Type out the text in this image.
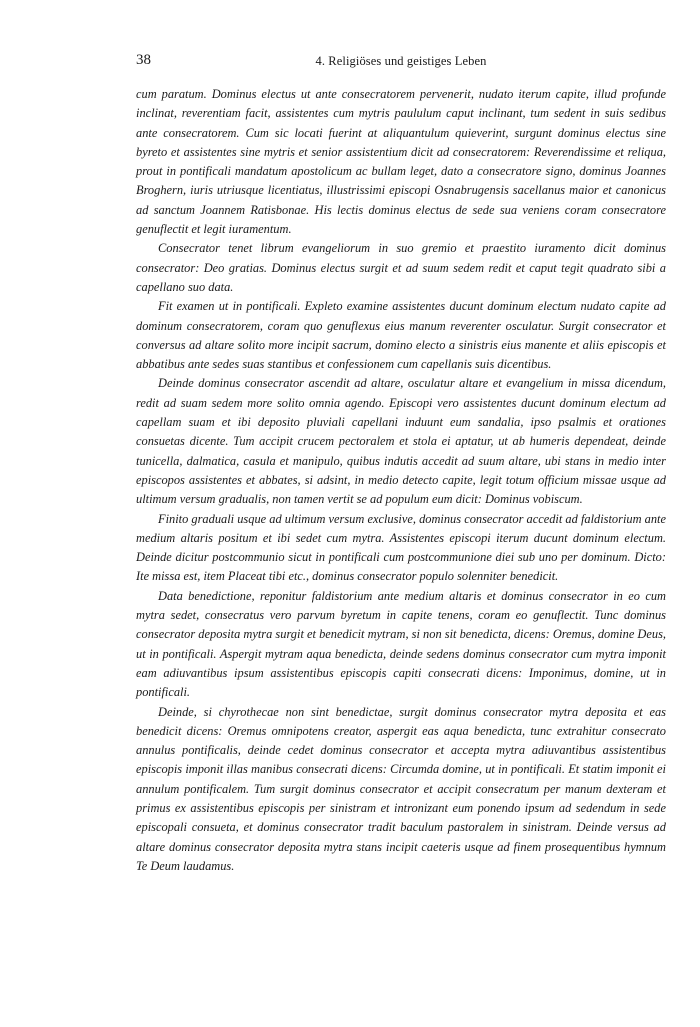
38	4. Religiöses und geistiges Leben

cum paratum. Dominus electus ut ante consecratorem pervenerit, nudato iterum capite, illud profunde inclinat, reverentiam facit, assistentes cum mytris paululum caput inclinant, tum sedent in suis sedibus ante consecratorem. Cum sic locati fuerint at aliquantulum quieverint, surgunt dominus electus sine byreto et assistentes sine mytris et senior assistentium dicit ad consecratorem: Reverendissime et reliqua, prout in pontificali mandatum apostolicum ac bullam leget, dato a consecratore signo, dominus Joannes Broghern, iuris utriusque licentiatus, illustrissimi episcopi Osnabrugensis sacellanus maior et canonicus ad sanctum Joannem Ratisbonae. His lectis dominus electus de sede sua veniens coram consecratore genuflectit et legit iuramentum.

Consecrator tenet librum evangeliorum in suo gremio et praestito iuramento dicit dominus consecrator: Deo gratias. Dominus electus surgit et ad suum sedem redit et caput tegit quadrato sibi a capellano suo data.

Fit examen ut in pontificali. Expleto examine assistentes ducunt dominum electum nudato capite ad dominum consecratorem, coram quo genuflexus eius manum reverenter osculatur. Surgit consecrator et conversus ad altare solito more incipit sacrum, domino electo a sinistris eius manente et aliis episcopis et abbatibus ante sedes suas stantibus et confessionem cum capellanis suis dicentibus.

Deinde dominus consecrator ascendit ad altare, osculatur altare et evangelium in missa dicendum, redit ad suam sedem more solito omnia agendo. Episcopi vero assistentes ducunt dominum electum ad capellam suam et ibi deposito pluviali capellani induunt eum sandalia, ipso psalmis et orationes consuetas dicente. Tum accipit crucem pectoralem et stola ei aptatur, ut ab humeris dependeat, deinde tunicella, dalmatica, casula et manipulo, quibus indutis accedit ad suum altare, ubi stans in medio inter episcopos assistentes et abbates, si adsint, in medio detecto capite, legit totum officium missae usque ad ultimum versum gradualis, non tamen vertit se ad populum eum dicit: Dominus vobiscum.

Finito graduali usque ad ultimum versum exclusive, dominus consecrator accedit ad faldistorium ante medium altaris positum et ibi sedet cum mytra. Assistentes episcopi iterum ducunt dominum electum. Deinde dicitur postcommunio sicut in pontificali cum postcommunione diei sub uno per dominum. Dicto: Ite missa est, item Placeat tibi etc., dominus consecrator populo solenniter benedicit.

Data benedictione, reponitur faldistorium ante medium altaris et dominus consecrator in eo cum mytra sedet, consecratus vero parvum byretum in capite tenens, coram eo genuflectit. Tunc dominus consecrator deposita mytra surgit et benedicit mytram, si non sit benedicta, dicens: Oremus, domine Deus, ut in pontificali. Aspergit mytram aqua benedicta, deinde sedens dominus consecrator cum mytra imponit eam adiuvantibus ipsum assistentibus episcopis capiti consecrati dicens: Imponimus, domine, ut in pontificali.

Deinde, si chyrothecae non sint benedictae, surgit dominus consecrator mytra deposita et eas benedicit dicens: Oremus omnipotens creator, aspergit eas aqua benedicta, tunc extrahitur consecrato annulus pontificalis, deinde cedet dominus consecrator et accepta mytra adiuvantibus assistentibus episcopis imponit illas manibus consecrati dicens: Circumda domine, ut in pontificali. Et statim imponit ei annulum pontificalem. Tum surgit dominus consecrator et accipit consecratum per manum dexteram et primus ex assistentibus episcopis per sinistram et intronizant eum ponendo ipsum ad sedendum in sede episcopali consueta, et dominus consecrator tradit baculum pastoralem in sinistram. Deinde versus ad altare dominus consecrator deposita mytra stans incipit caeteris usque ad finem prosequentibus hymnum Te Deum laudamus.
